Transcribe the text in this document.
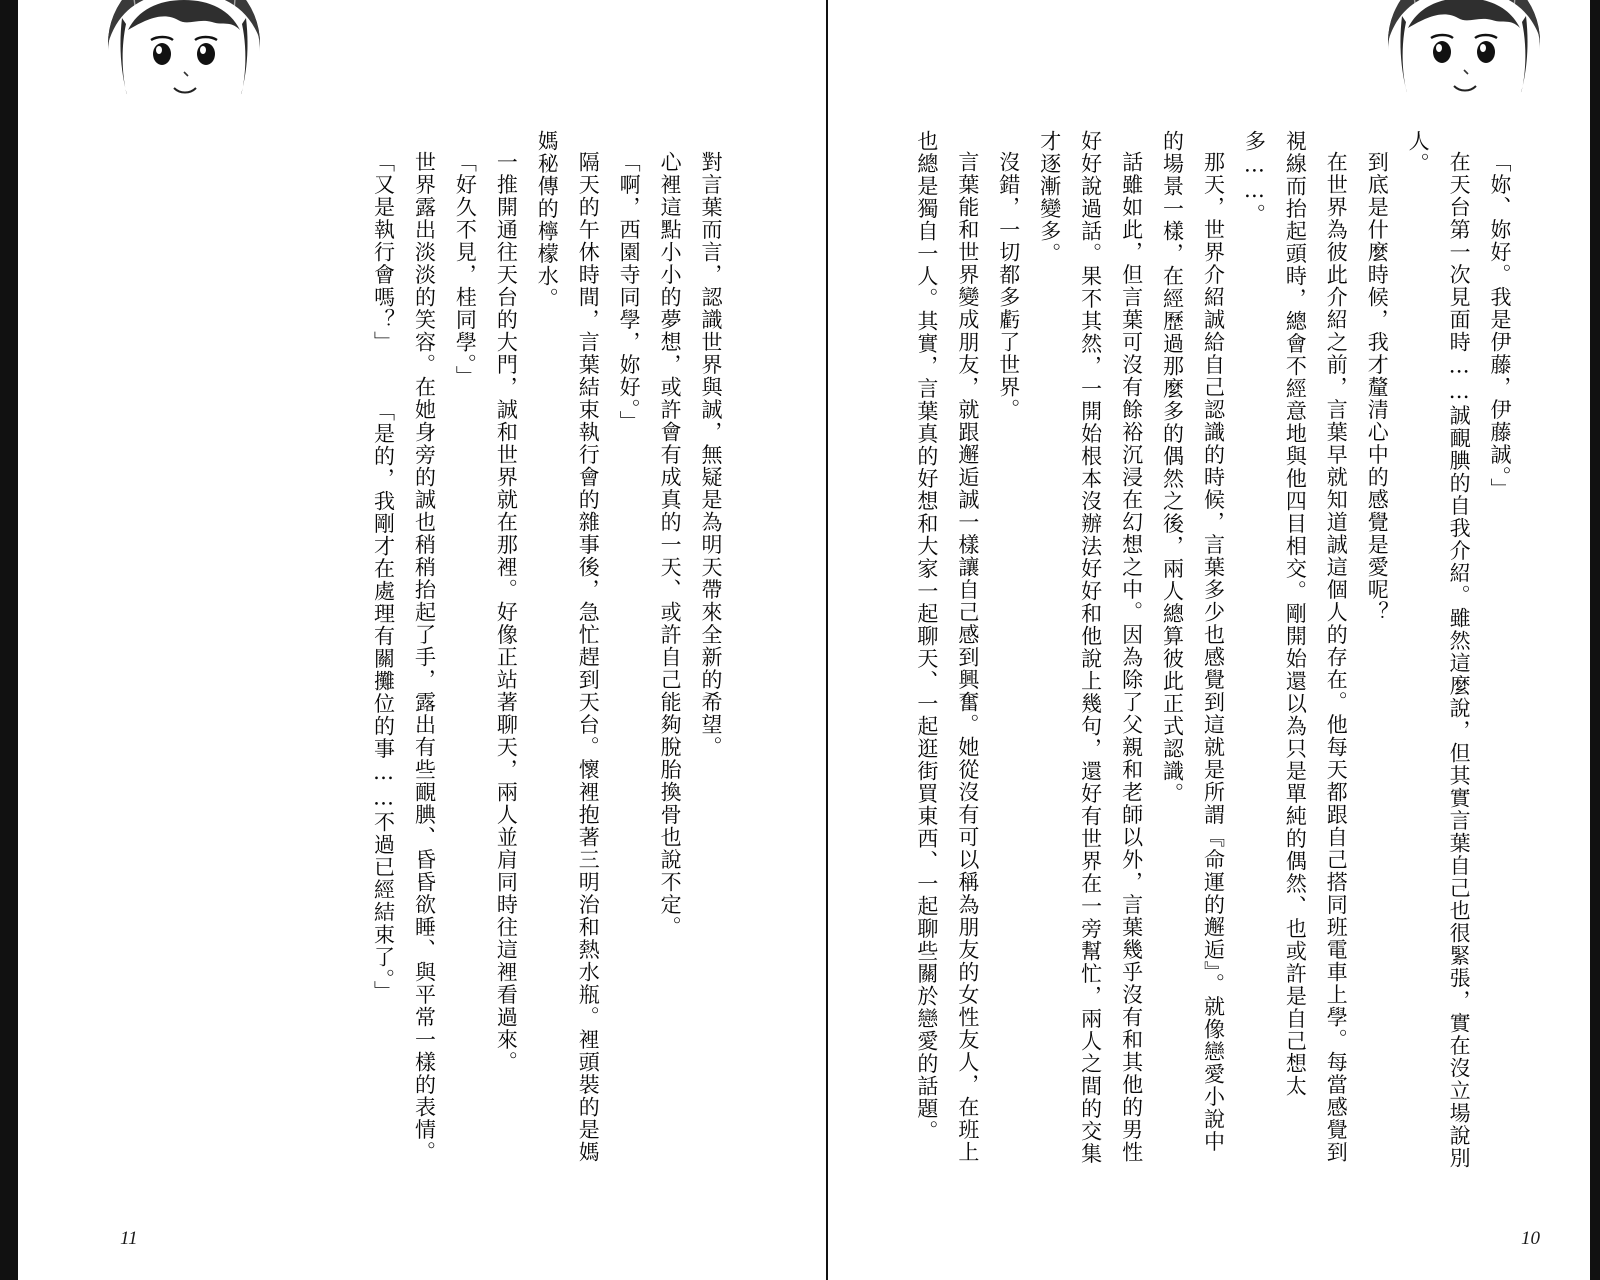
對言葉而言，認識世界與誠，無疑是為明天帶來全新的希望。

心裡這點小小的夢想，或許會有成真的一天、或許自己能夠脫胎換骨也說不定。

「啊，西園寺同學，妳好。」

隔天的午休時間，言葉結束執行會的雜事後，急忙趕到天台。懷裡抱著三明治和熱水瓶。裡頭裝的是媽媽秘傳的檸檬水。

一推開通往天台的大門，誠和世界就在那裡。好像正站著聊天，兩人並肩同時往這裡看過來。

「好久不見，桂同學。」

世界露出淡淡的笑容。在她身旁的誠也稍稍抬起了手，露出有些靦腆、昏昏欲睡、與平常一樣的表情。

「又是執行會嗎？」

「是的，我剛才在處理有關攤位的事……不過已經結束了。」

11

「妳、妳好。我是伊藤，伊藤誠。」

在天台第一次見面時……誠靦腆的自我介紹。雖然這麼說，但其實言葉自己也很緊張，實在沒立場說別人。

到底是什麼時候，我才釐清心中的感覺是愛呢？

在世界為彼此介紹之前，言葉早就知道誠這個人的存在。他每天都跟自己搭同班電車上學。每當感覺到視線而抬起頭時，總會不經意地與他四目相交。剛開始還以為只是單純的偶然、也或許是自己想太多……。

那天，世界介紹誠給自己認識的時候，言葉多少也感覺到這就是所謂『命運的邂逅』。就像戀愛小說中的場景一樣，在經歷過那麼多的偶然之後，兩人總算彼此正式認識。

話雖如此，但言葉可沒有餘裕沉浸在幻想之中。因為除了父親和老師以外，言葉幾乎沒有和其他的男性好好說過話。果不其然，一開始根本沒辦法好好和他說上幾句，還好有世界在一旁幫忙，兩人之間的交集才逐漸變多。

沒錯，一切都多虧了世界。

言葉能和世界變成朋友，就跟邂逅誠一樣讓自己感到興奮。她從沒有可以稱為朋友的女性友人，在班上也總是獨自一人。其實，言葉真的好想和大家一起聊天、一起逛街買東西、一起聊些關於戀愛的話題。

10
